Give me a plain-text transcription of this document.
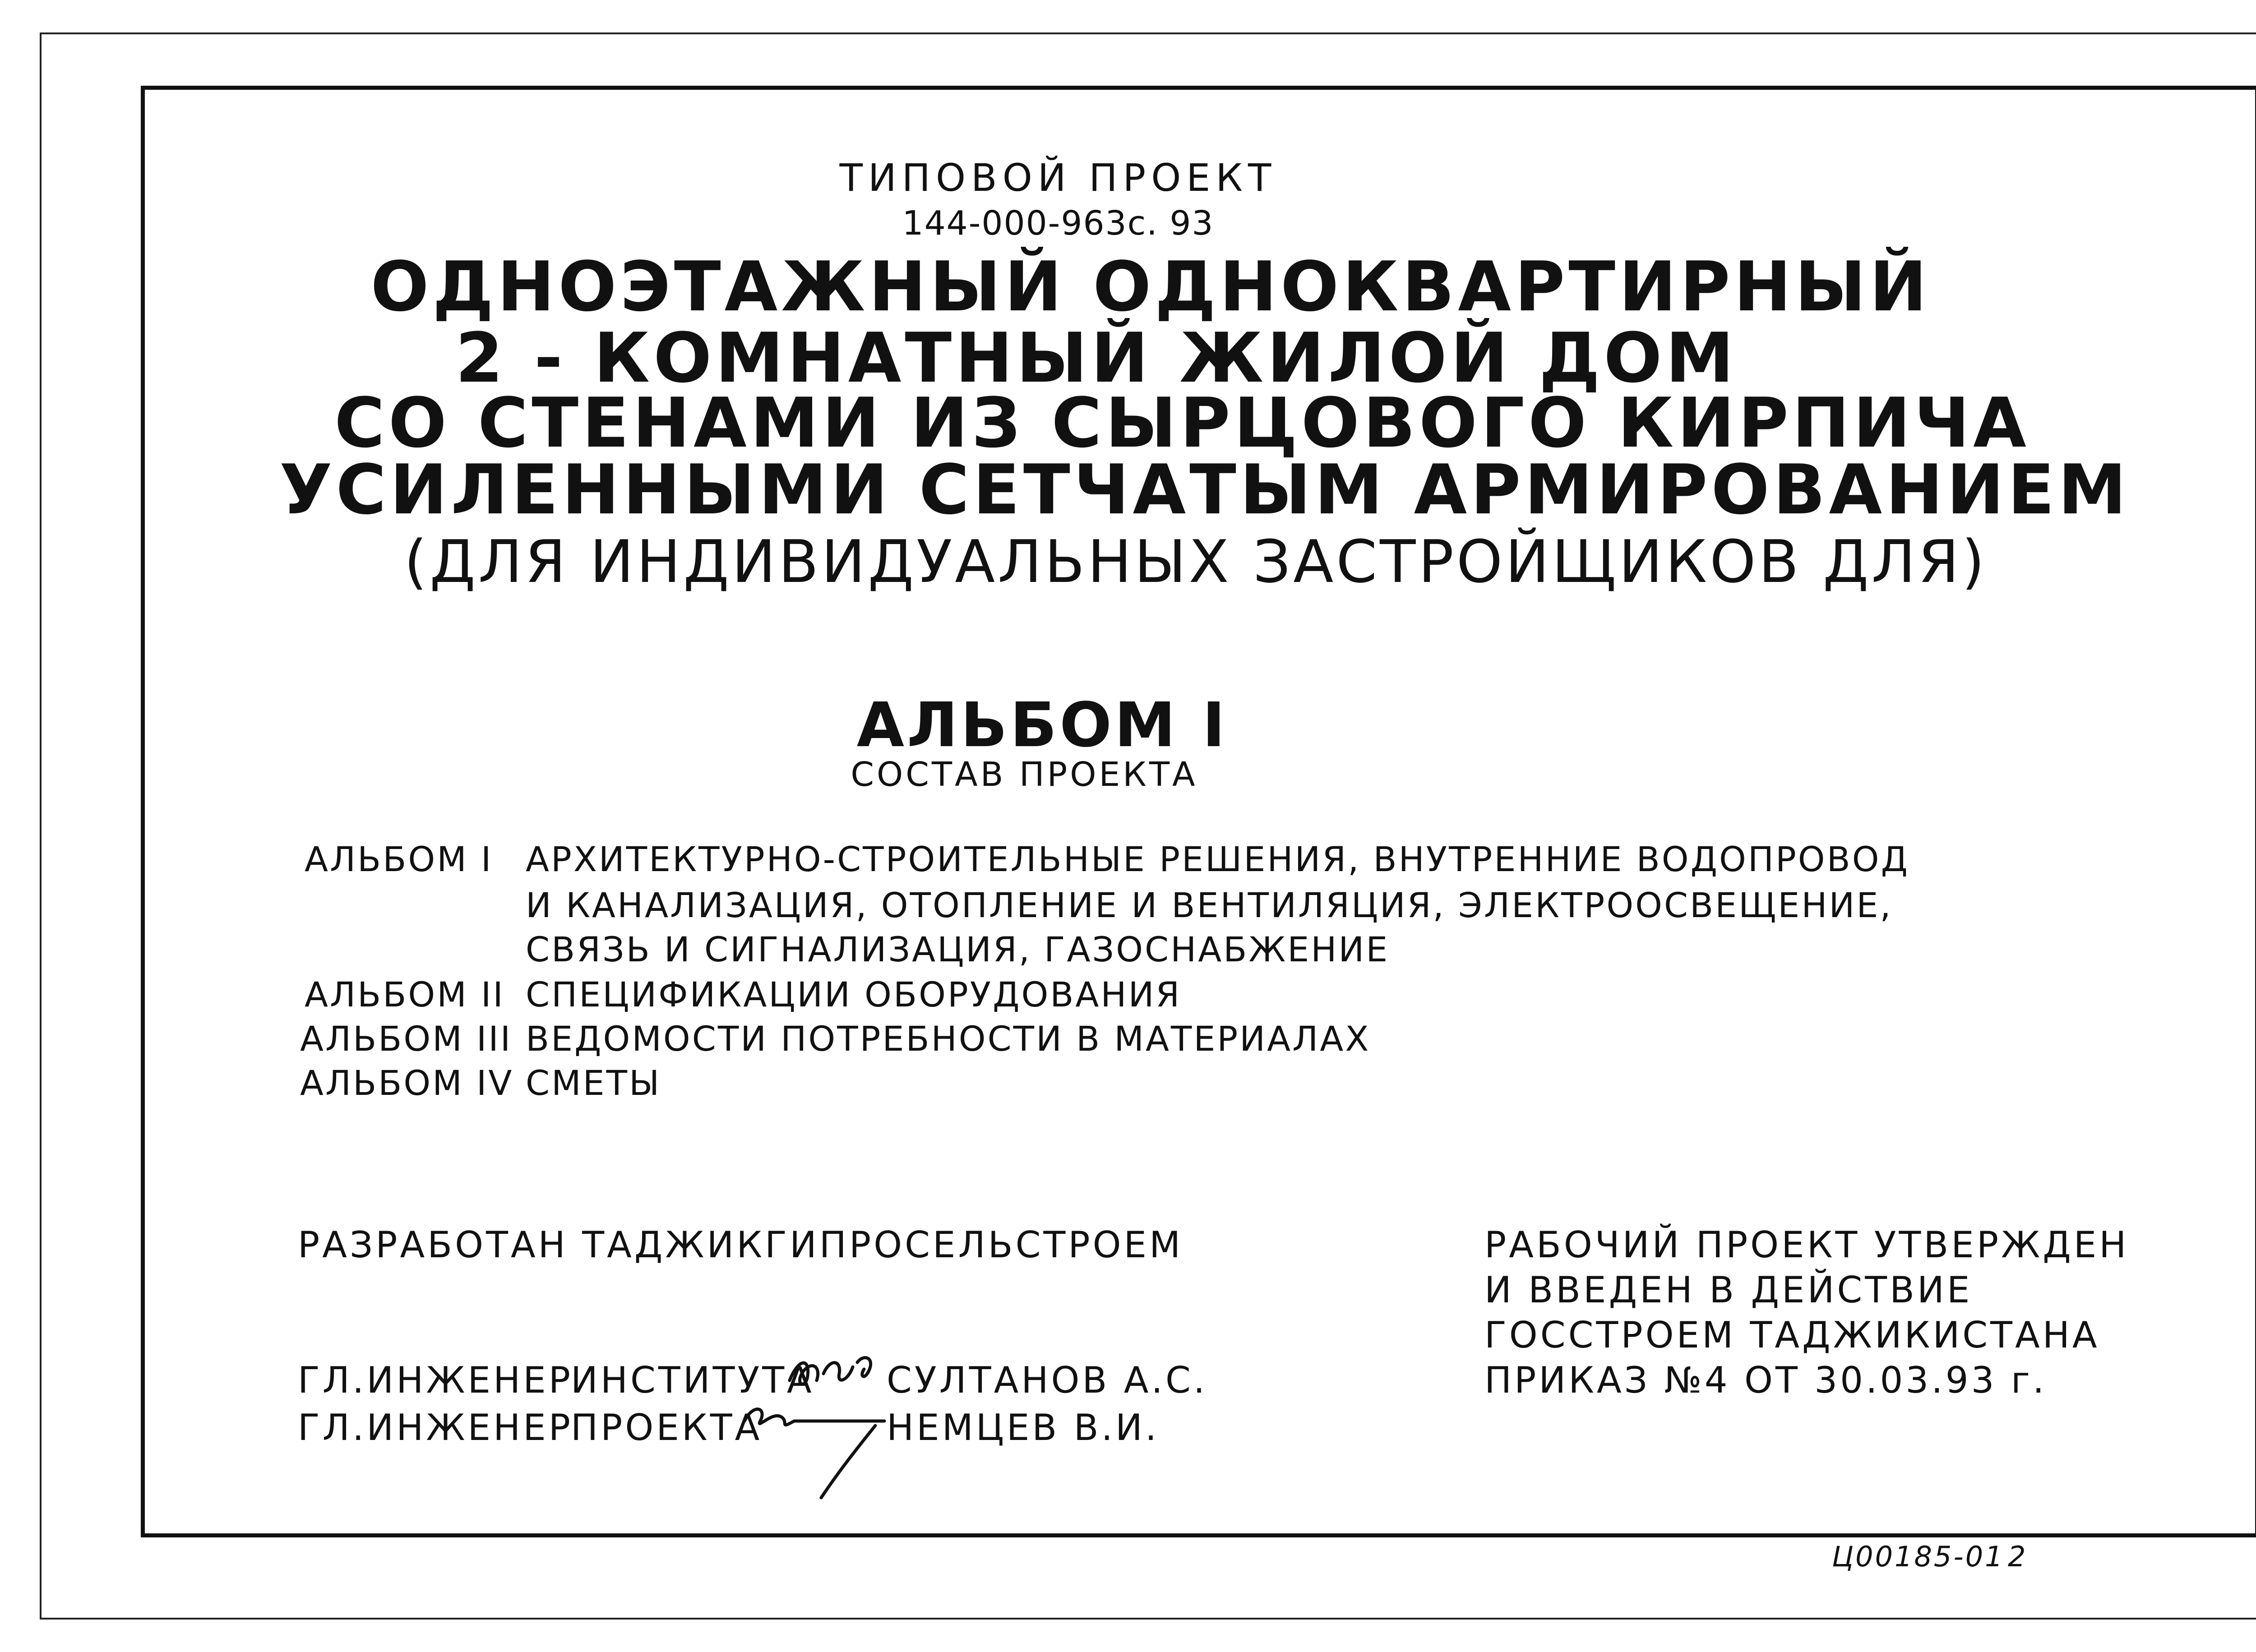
ТИПОВОЙ ПРОЕКТ
144-000-963с. 93
ОДНОЭТАЖНЫЙ ОДНОКВАРТИРНЫЙ
2 - КОМНАТНЫЙ ЖИЛОЙ ДОМ
СО СТЕНАМИ ИЗ СЫРЦОВОГО КИРПИЧА
УСИЛЕННЫМИ СЕТЧАТЫМ АРМИРОВАНИЕМ
(ДЛЯ ИНДИВИДУАЛЬНЫХ ЗАСТРОЙЩИКОВ ДЛЯ)
АЛЬБОМ I
СОСТАВ ПРОЕКТА
АЛЬБОМ I АРХИТЕКТУРНО-СТРОИТЕЛЬНЫЕ РЕШЕНИЯ, ВНУТРЕННИЕ ВОДОПРОВОД
И КАНАЛИЗАЦИЯ, ОТОПЛЕНИЕ И ВЕНТИЛЯЦИЯ, ЭЛЕКТРООСВЕЩЕНИЕ,
СВЯЗЬ И СИГНАЛИЗАЦИЯ, ГАЗОСНАБЖЕНИЕ
АЛЬБОМ II СПЕЦИФИКАЦИИ ОБОРУДОВАНИЯ
АЛЬБОМ III ВЕДОМОСТИ ПОТРЕБНОСТИ В МАТЕРИАЛАХ
АЛЬБОМ IV СМЕТЫ
РАЗРАБОТАН ТАДЖИКГИПРОСЕЛЬСТРОЕМ
ГЛ.ИНЖЕНЕР
ИНСТИТУТА СУЛТАНОВ А.С.
ГЛ.ИНЖЕНЕР
ПРОЕКТА	НЕМЦЕВ В.И.
РАБОЧИЙ ПРОЕКТ УТВЕРЖДЕН
И ВВЕДЕН В ДЕЙСТВИЕ
ГОССТРОЕМ ТАДЖИКИСТАНА
ПРИКАЗ №4 ОТ 30.03.93 г.
Ц00185-01 2
